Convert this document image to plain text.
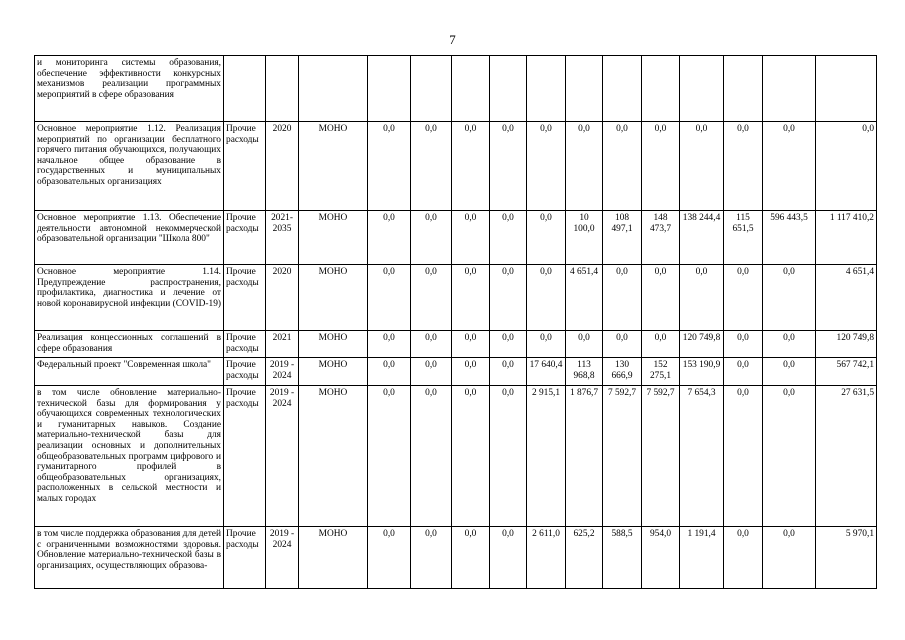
7
и мониторинга системы образования, обеспечение эффективности конкурсных механизмов реализации программных мероприятий в сфере образования															
Основное мероприятие 1.12. Реализация мероприятий по организации бесплатного горячего питания обучающихся, получающих начальное общее образование в государственных и муниципальных образовательных организациях	Прочие расходы	2020	МОНО	0,0	0,0	0,0	0,0	0,0	0,0	0,0	0,0	0,0	0,0	0,0	0,0
Основное мероприятие 1.13. Обеспечение деятельности автономной некоммерческой образовательной организации "Школа 800"	Прочие расходы	2021-2035	МОНО	0,0	0,0	0,0	0,0	0,0	10 100,0	108 497,1	148 473,7	138 244,4	115 651,5	596 443,5	1 117 410,2
Основное мероприятие 1.14. Предупреждение распространения, профилактика, диагностика и лечение от новой коронавирусной инфекции (COVID-19)	Прочие расходы	2020	МОНО	0,0	0,0	0,0	0,0	0,0	4 651,4	0,0	0,0	0,0	0,0	0,0	4 651,4
Реализация концессионных соглашений в сфере образования	Прочие расходы	2021	МОНО	0,0	0,0	0,0	0,0	0,0	0,0	0,0	0,0	120 749,8	0,0	0,0	120 749,8
Федеральный проект "Современная школа"	Прочие расходы	2019 - 2024	МОНО	0,0	0,0	0,0	0,0	17 640,4	113 968,8	130 666,9	152 275,1	153 190,9	0,0	0,0	567 742,1
в том числе обновление материально-технической базы для формирования у обучающихся современных технологических и гуманитарных навыков. Создание материально-технической базы для реализации основных и дополнительных общеобразовательных программ цифрового и гуманитарного профилей в общеобразовательных организациях, расположенных в сельской местности и малых городах	Прочие расходы	2019 - 2024	МОНО	0,0	0,0	0,0	0,0	2 915,1	1 876,7	7 592,7	7 592,7	7 654,3	0,0	0,0	27 631,5
в том числе поддержка образования для детей с ограниченными возможностями здоровья. Обновление материально-технической базы в организациях, осуществляющих образова-	Прочие расходы	2019 - 2024	МОНО	0,0	0,0	0,0	0,0	2 611,0	625,2	588,5	954,0	1 191,4	0,0	0,0	5 970,1
